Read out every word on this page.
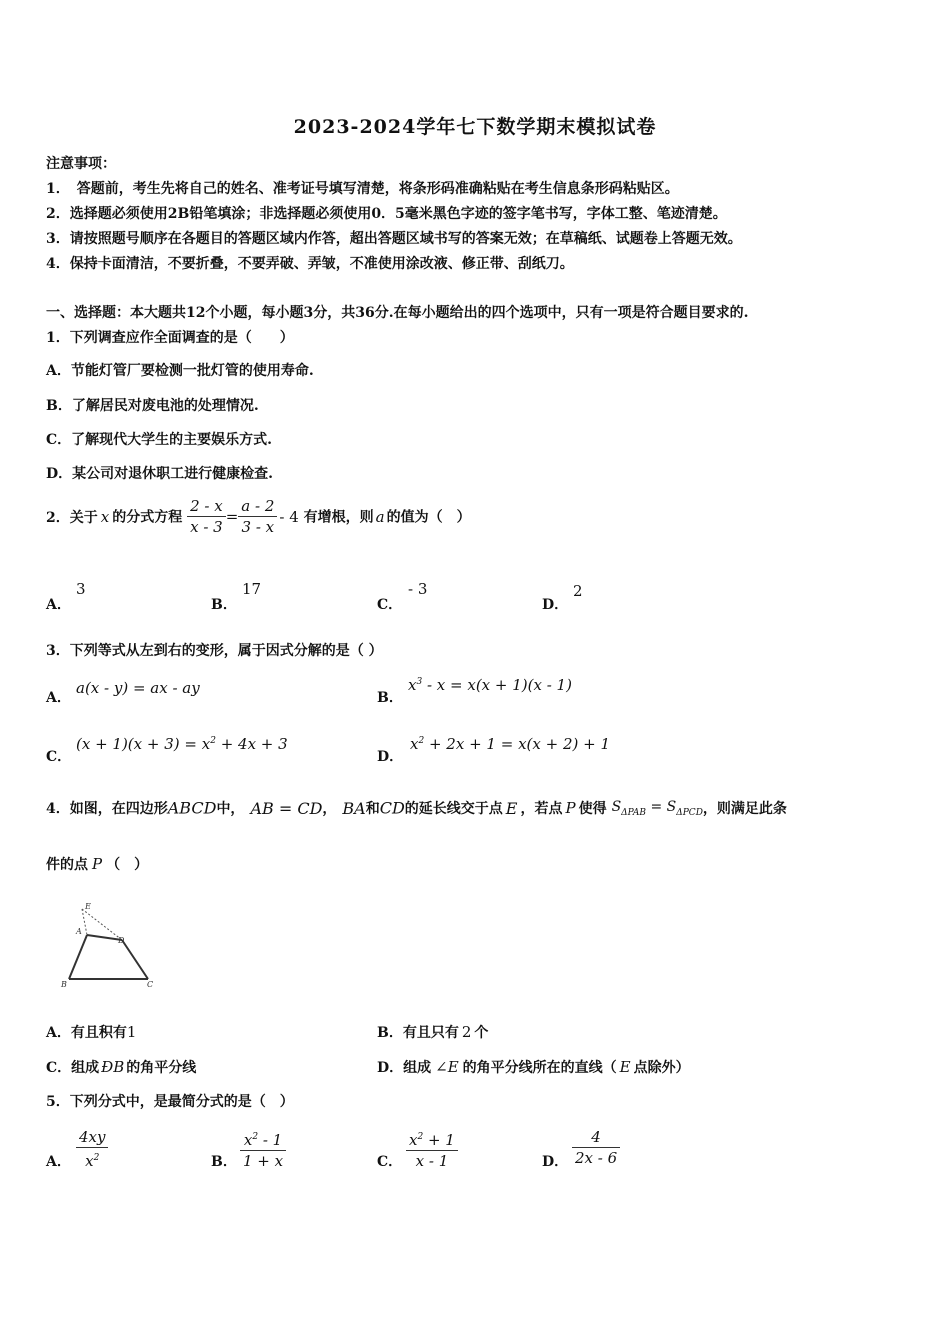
2023-2024学年七下数学期末模拟试卷
注意事项：
1．　答题前，考生先将自己的姓名、准考证号填写清楚，将条形码准确粘贴在考生信息条形码粘贴区。
2．选择题必须使用2B铅笔填涂；非选择题必须使用0．5毫米黑色字迹的签字笔书写，字体工整、笔迹清楚。
3．请按照题号顺序在各题目的答题区域内作答，超出答题区域书写的答案无效；在草稿纸、试题卷上答题无效。
4．保持卡面清洁，不要折叠，不要弄破、弄皱，不准使用涂改液、修正带、刮纸刀。
一、选择题：本大题共12个小题，每小题3分，共36分.在每小题给出的四个选项中，只有一项是符合题目要求的.
1．下列调查应作全面调查的是（　　）
A．节能灯管厂要检测一批灯管的使用寿命.
B．了解居民对废电池的处理情况.
C．了解现代大学生的主要娱乐方式.
D．某公司对退休职工进行健康检查.
2．关于 x 的分式方程 $\frac{2 - x}{x - 3} = \frac{a - 2}{3 - x} - 4$ 有增根，则 a 的值为（　）
A．
3
B．
17
C．
- 3
D．
2
3．下列等式从左到右的变形，属于因式分解的是（ ）
A．
a(x - y) = ax - ay
B．
$x^3 - x = x(x + 1)(x - 1)$
C．
$(x + 1)(x + 3) = x^2 + 4x + 3$
D．
$x^2 + 2x + 1 = x(x + 2) + 1$
4．如图，在四边形ABCD中， AB = CD， BA和CD的延长线交于点 E ，若点 P 使得 $S_{\Delta PAB} = S_{\Delta PCD}$，则满足此条
件的点 P （　）
E
A
D
B	C
A．有且积有1	B．有且只有 2 个
C．组成 ÐB 的角平分线	D．组成 ∠E 的角平分线所在的直线（ E 点除外）
5．下列分式中，是最简分式的是（　）
A． $\frac{4xy}{x^2}$	B． $\frac{x^2 - 1}{1 + x}$	C． $\frac{x^2 + 1}{x - 1}$	D． $\frac{4}{2x - 6}$
